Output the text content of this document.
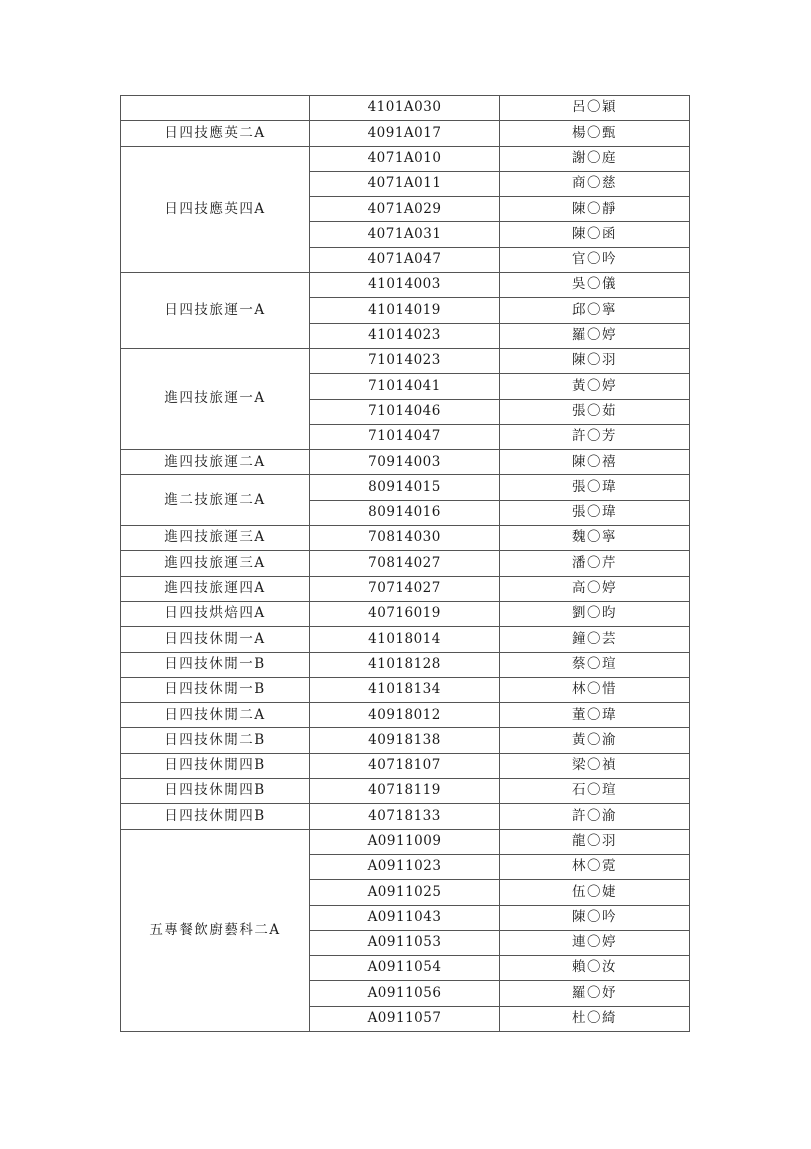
	4101A030	呂〇穎
日四技應英二A	4091A017	楊〇甄
日四技應英四A	4071A010	謝〇庭
	4071A011	商〇慈
	4071A029	陳〇靜
	4071A031	陳〇函
	4071A047	官〇吟
日四技旅運一A	41014003	吳〇儀
	41014019	邱〇寧
	41014023	羅〇婷
進四技旅運一A	71014023	陳〇羽
	71014041	黃〇婷
	71014046	張〇茹
	71014047	許〇芳
進四技旅運二A	70914003	陳〇禧
進二技旅運二A	80914015	張〇瑋
	80914016	張〇瑋
進四技旅運三A	70814030	魏〇寧
進四技旅運三A	70814027	潘〇芹
進四技旅運四A	70714027	高〇婷
日四技烘焙四A	40716019	劉〇昀
日四技休閒一A	41018014	鐘〇芸
日四技休閒一B	41018128	蔡〇瑄
日四技休閒一B	41018134	林〇惜
日四技休閒二A	40918012	董〇瑋
日四技休閒二B	40918138	黃〇渝
日四技休閒四B	40718107	梁〇禎
日四技休閒四B	40718119	石〇瑄
日四技休閒四B	40718133	許〇渝
五專餐飲廚藝科二A	A0911009	龍〇羽
	A0911023	林〇霓
	A0911025	伍〇婕
	A0911043	陳〇吟
	A0911053	連〇婷
	A0911054	賴〇汝
	A0911056	羅〇妤
	A0911057	杜〇綺
